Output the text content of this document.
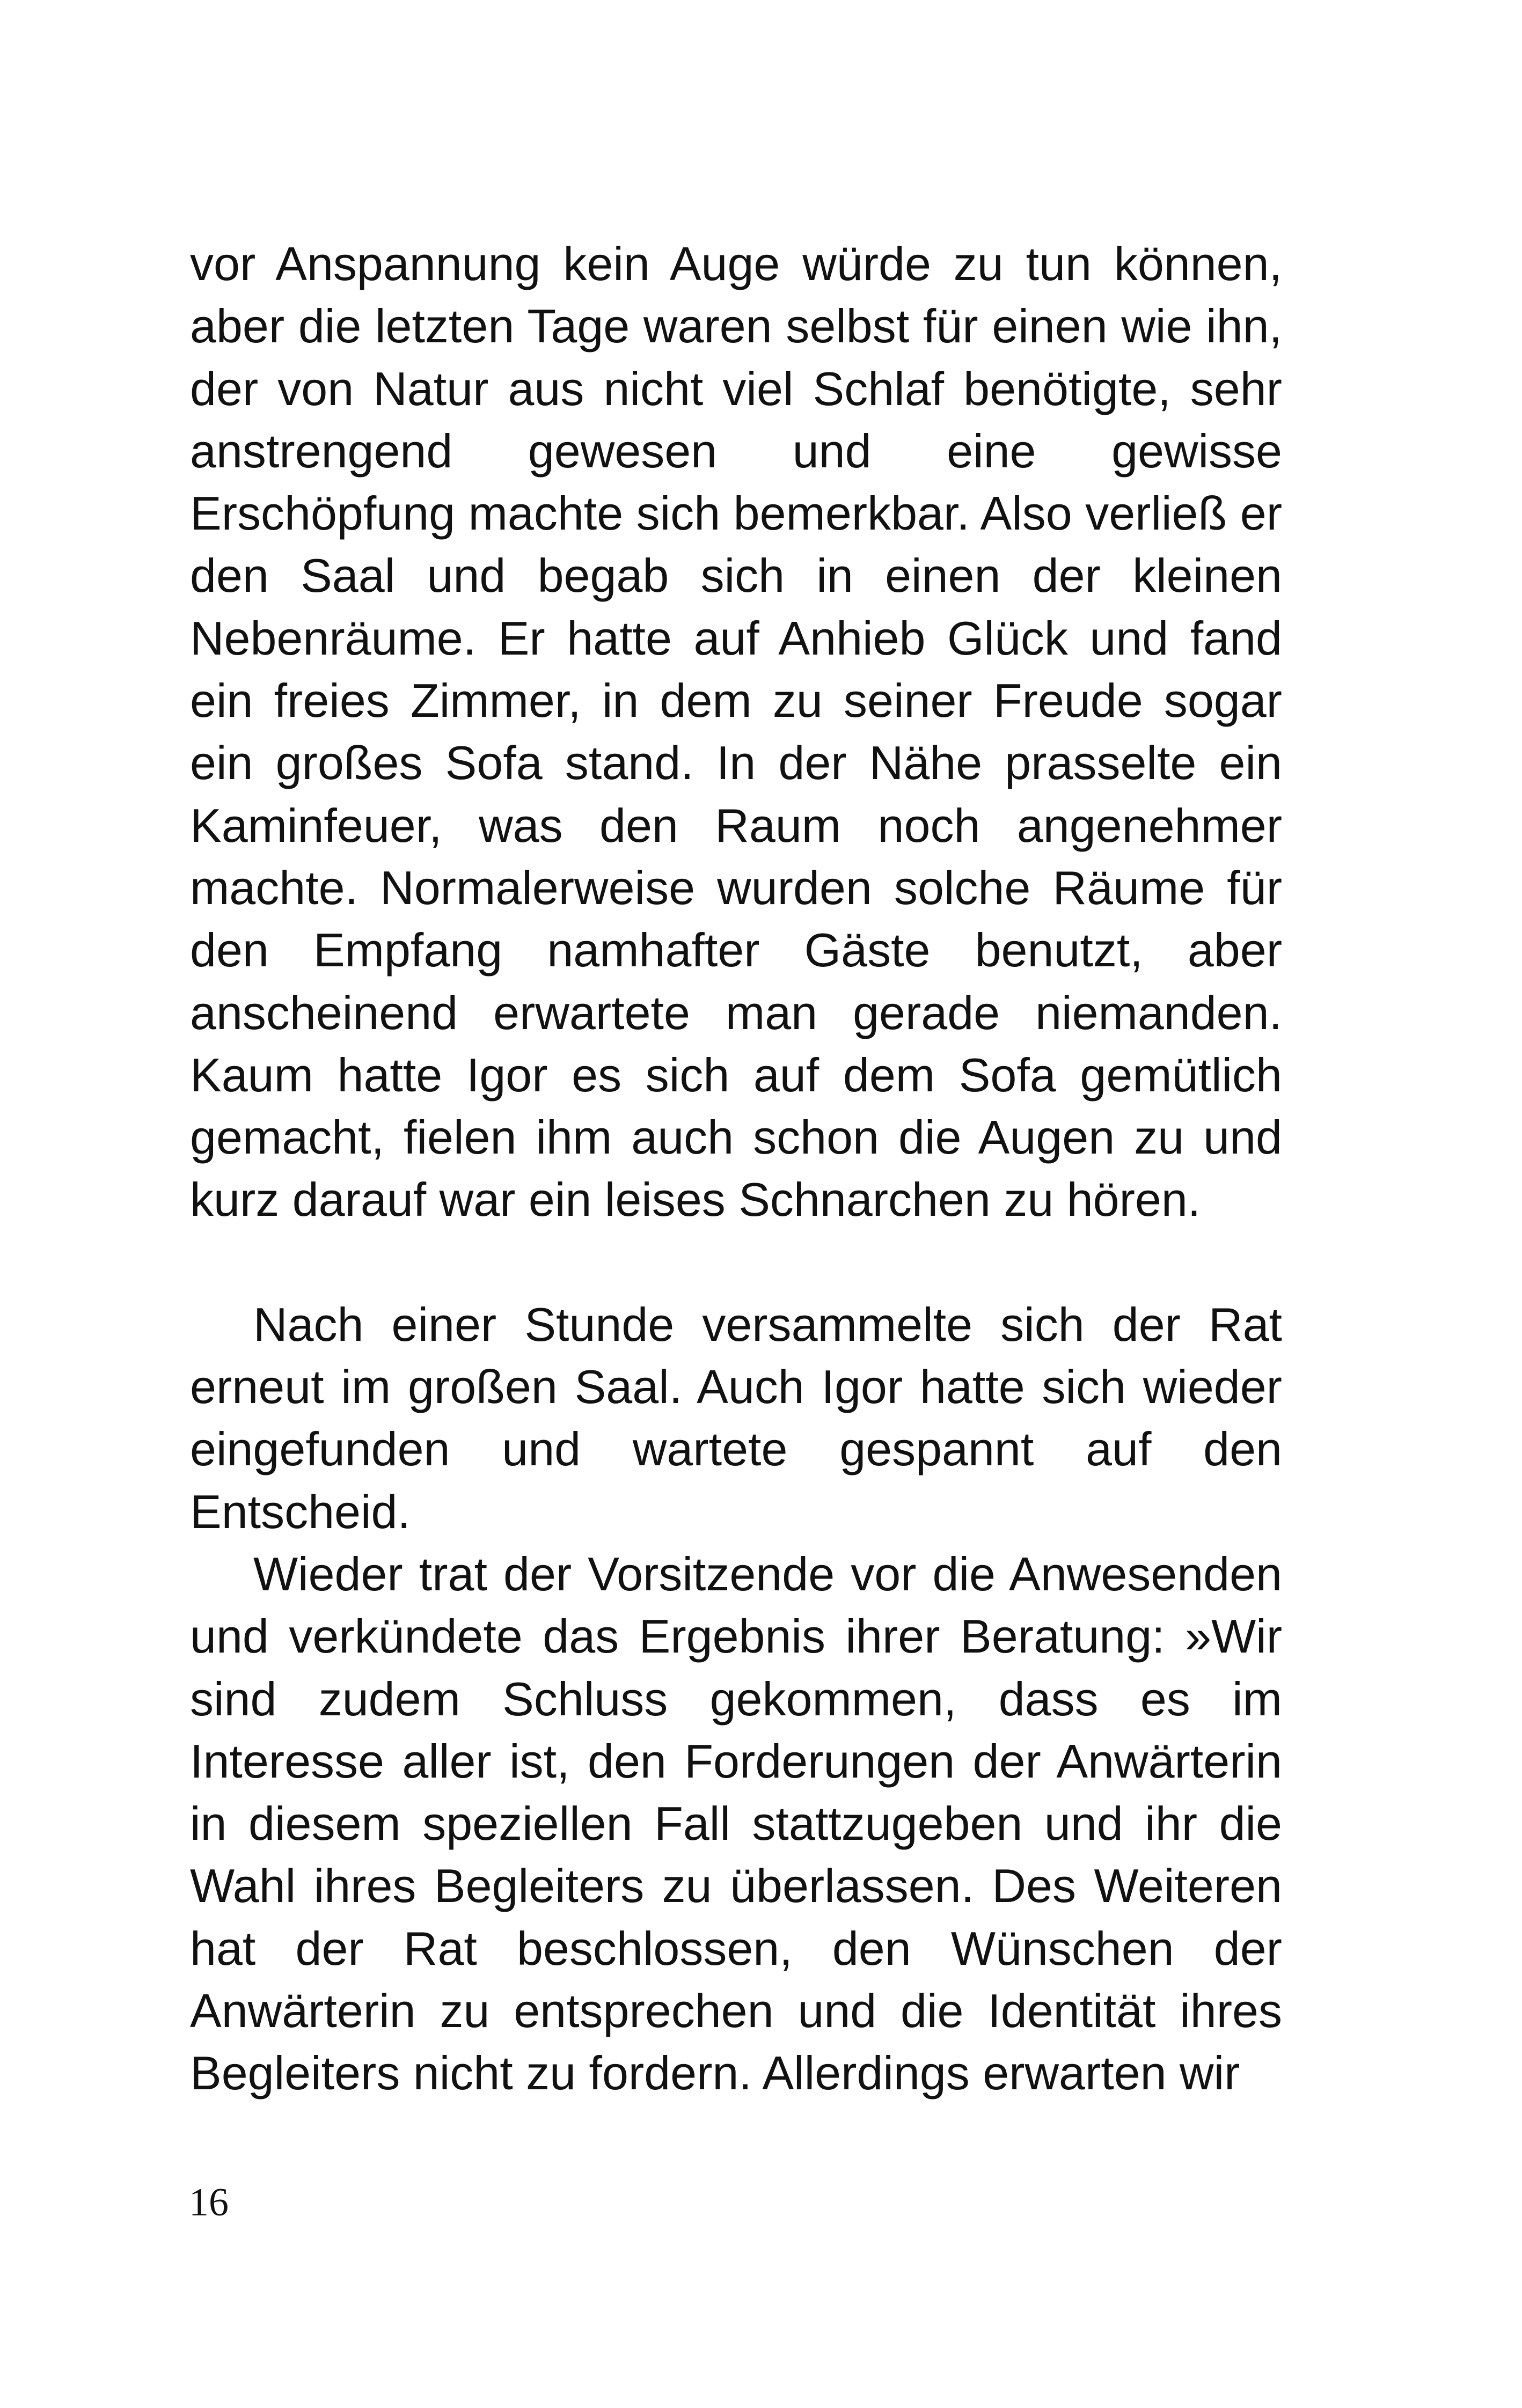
vor Anspannung kein Auge würde zu tun können, aber die letzten Tage waren selbst für einen wie ihn, der von Natur aus nicht viel Schlaf benötigte, sehr anstrengend gewesen und eine gewisse Erschöpfung machte sich bemerkbar. Also verließ er den Saal und begab sich in einen der kleinen Nebenräume. Er hatte auf Anhieb Glück und fand ein freies Zimmer, in dem zu seiner Freude sogar ein großes Sofa stand. In der Nähe prasselte ein Kaminfeuer, was den Raum noch angenehmer machte. Normalerweise wurden solche Räume für den Empfang namhafter Gäste benutzt, aber anscheinend erwartete man gerade niemanden. Kaum hatte Igor es sich auf dem Sofa gemütlich gemacht, fielen ihm auch schon die Augen zu und kurz darauf war ein leises Schnarchen zu hören.

Nach einer Stunde versammelte sich der Rat erneut im großen Saal. Auch Igor hatte sich wieder eingefunden und wartete gespannt auf den Entscheid.

Wieder trat der Vorsitzende vor die Anwesenden und verkündete das Ergebnis ihrer Beratung: »Wir sind zudem Schluss gekommen, dass es im Interesse aller ist, den Forderungen der Anwärterin in diesem speziellen Fall stattzugeben und ihr die Wahl ihres Begleiters zu überlassen. Des Weiteren hat der Rat beschlossen, den Wünschen der Anwärterin zu entsprechen und die Identität ihres Begleiters nicht zu fordern. Allerdings erwarten wir

16
